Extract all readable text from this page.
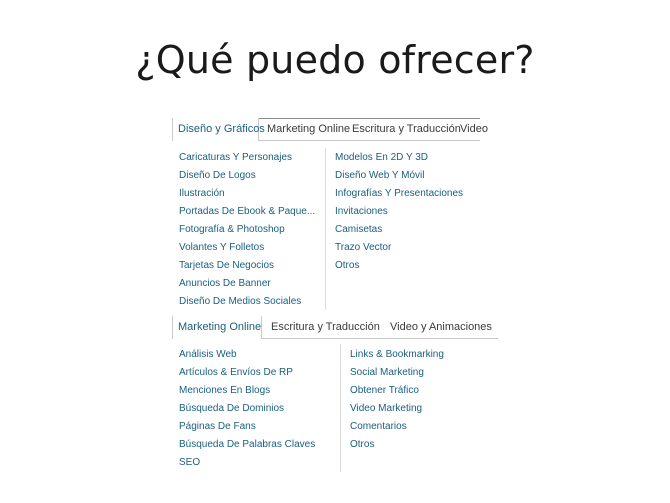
¿Qué puedo ofrecer?
Diseño y Gráficos Marketing Online Escritura y Traducción Video
Caricaturas Y Personajes
Diseño De Logos
Ilustración
Portadas De Ebook & Paque...
Fotografía & Photoshop
Volantes Y Folletos
Tarjetas De Negocios
Anuncios De Banner
Diseño De Medios Sociales
Modelos En 2D Y 3D
Diseño Web Y Móvil
Infografías Y Presentaciones
Invitaciones
Camisetas
Trazo Vector
Otros
Marketing Online Escritura y Traducción Video y Animaciones
Análisis Web
Artículos & Envíos De RP
Menciones En Blogs
Búsqueda De Dominios
Páginas De Fans
Búsqueda De Palabras Claves
SEO
Links & Bookmarking
Social Marketing
Obtener Tráfico
Video Marketing
Comentarios
Otros
